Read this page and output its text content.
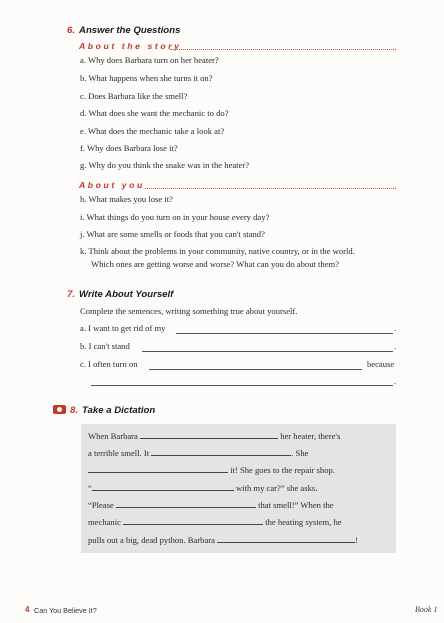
6. Answer the Questions
About the story
a. Why does Barbara turn on her heater?
b. What happens when she turns it on?
c. Does Barbara like the smell?
d. What does she want the mechanic to do?
e. What does the mechanic take a look at?
f. Why does Barbara lose it?
g. Why do you think the snake was in the heater?
About you
h. What makes you lose it?
i. What things do you turn on in your house every day?
j. What are some smells or foods that you can't stand?
k. Think about the problems in your community, native country, or in the world.
Which ones are getting worse and worse? What can you do about them?
7. Write About Yourself
Complete the sentences, writing something true about yourself.
a. I want to get rid of my	.
b. I can't stand	.
c. I often turn on	because
.
8. Take a Dictation
When Barbara	her heater, there's
a terrible smell. It	. She
it! She goes to the repair shop.
“	with my car?” she asks.
“Please	that smell!” When the
mechanic	the heating system, he
pulls out a big, dead python. Barbara	!
4 Can You Believe It?	Book 1
